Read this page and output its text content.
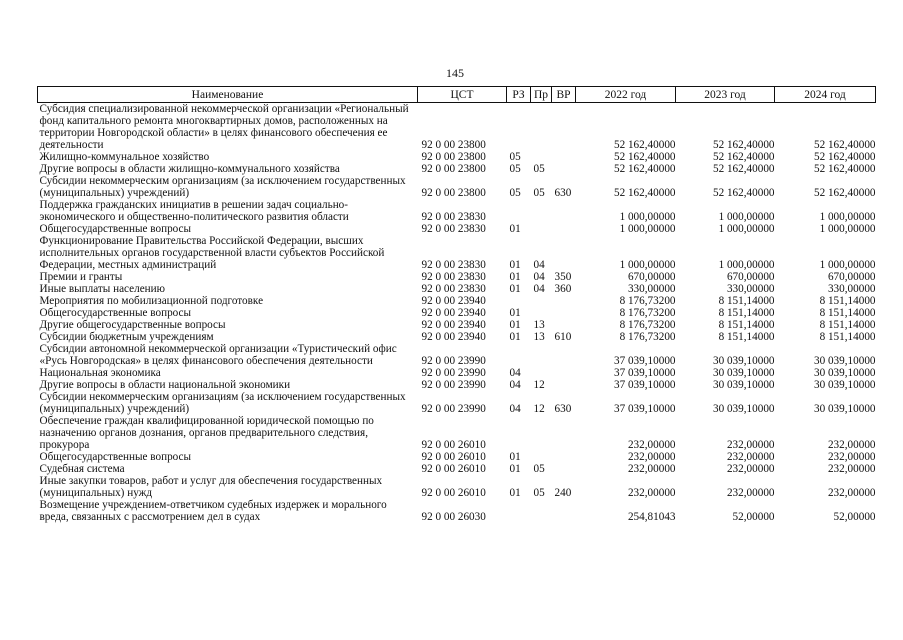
145
Наименование	ЦСТ	РЗ	Пр	ВР	2022 год	2023 год	2024 год
Субсидия специализированной некоммерческой организации «Региональный фонд капитального ремонта многоквартирных домов, расположенных на территории Новгородской области» в целях финансового обеспечения ее деятельности	92 0 00 23800				52 162,40000	52 162,40000	52 162,40000
Жилищно-коммунальное хозяйство	92 0 00 23800	05			52 162,40000	52 162,40000	52 162,40000
Другие вопросы в области жилищно-коммунального хозяйства	92 0 00 23800	05	05		52 162,40000	52 162,40000	52 162,40000
Субсидии некоммерческим организациям (за исключением государственных (муниципальных) учреждений)	92 0 00 23800	05	05	630	52 162,40000	52 162,40000	52 162,40000
Поддержка гражданских инициатив в решении задач социально-экономического и общественно-политического развития области	92 0 00 23830				1 000,00000	1 000,00000	1 000,00000
Общегосударственные вопросы	92 0 00 23830	01			1 000,00000	1 000,00000	1 000,00000
Функционирование Правительства Российской Федерации, высших исполнительных органов государственной власти субъектов Российской Федерации, местных администраций	92 0 00 23830	01	04		1 000,00000	1 000,00000	1 000,00000
Премии и гранты	92 0 00 23830	01	04	350	670,00000	670,00000	670,00000
Иные выплаты населению	92 0 00 23830	01	04	360	330,00000	330,00000	330,00000
Мероприятия по мобилизационной подготовке	92 0 00 23940				8 176,73200	8 151,14000	8 151,14000
Общегосударственные вопросы	92 0 00 23940	01			8 176,73200	8 151,14000	8 151,14000
Другие общегосударственные вопросы	92 0 00 23940	01	13		8 176,73200	8 151,14000	8 151,14000
Субсидии бюджетным учреждениям	92 0 00 23940	01	13	610	8 176,73200	8 151,14000	8 151,14000
Субсидии автономной некоммерческой организации «Туристический офис «Русь Новгородская» в целях финансового обеспечения деятельности	92 0 00 23990				37 039,10000	30 039,10000	30 039,10000
Национальная экономика	92 0 00 23990	04			37 039,10000	30 039,10000	30 039,10000
Другие вопросы в области национальной экономики	92 0 00 23990	04	12		37 039,10000	30 039,10000	30 039,10000
Субсидии некоммерческим организациям (за исключением государственных (муниципальных) учреждений)	92 0 00 23990	04	12	630	37 039,10000	30 039,10000	30 039,10000
Обеспечение граждан квалифицированной юридической помощью по назначению органов дознания, органов предварительного следствия, прокурора	92 0 00 26010				232,00000	232,00000	232,00000
Общегосударственные вопросы	92 0 00 26010	01			232,00000	232,00000	232,00000
Судебная система	92 0 00 26010	01	05		232,00000	232,00000	232,00000
Иные закупки товаров, работ и услуг для обеспечения государственных (муниципальных) нужд	92 0 00 26010	01	05	240	232,00000	232,00000	232,00000
Возмещение учреждением-ответчиком судебных издержек и морального вреда, связанных с рассмотрением дел в судах	92 0 00 26030				254,81043	52,00000	52,00000
